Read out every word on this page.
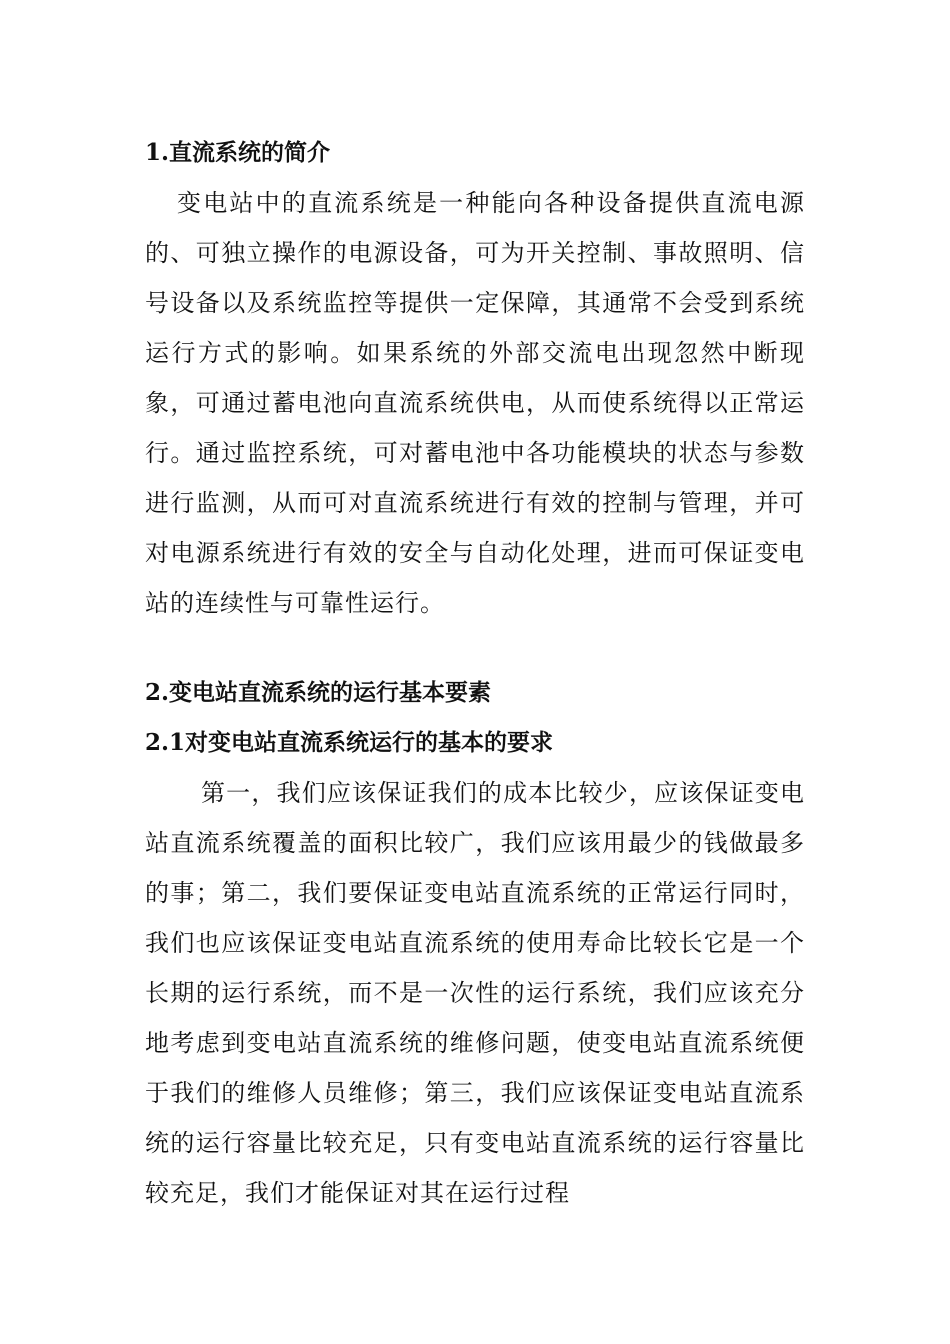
1.直流系统的简介

变电站中的直流系统是一种能向各种设备提供直流电源的、可独立操作的电源设备，可为开关控制、事故照明、信号设备以及系统监控等提供一定保障，其通常不会受到系统运行方式的影响。如果系统的外部交流电出现忽然中断现象，可通过蓄电池向直流系统供电，从而使系统得以正常运行。通过监控系统，可对蓄电池中各功能模块的状态与参数进行监测，从而可对直流系统进行有效的控制与管理，并可对电源系统进行有效的安全与自动化处理，进而可保证变电站的连续性与可靠性运行。

2.变电站直流系统的运行基本要素
2.1对变电站直流系统运行的基本的要求

第一，我们应该保证我们的成本比较少，应该保证变电站直流系统覆盖的面积比较广，我们应该用最少的钱做最多的事；第二，我们要保证变电站直流系统的正常运行同时，我们也应该保证变电站直流系统的使用寿命比较长它是一个长期的运行系统，而不是一次性的运行系统，我们应该充分地考虑到变电站直流系统的维修问题，使变电站直流系统便于我们的维修人员维修；第三，我们应该保证变电站直流系统的运行容量比较充足，只有变电站直流系统的运行容量比较充足，我们才能保证对其在运行过程
